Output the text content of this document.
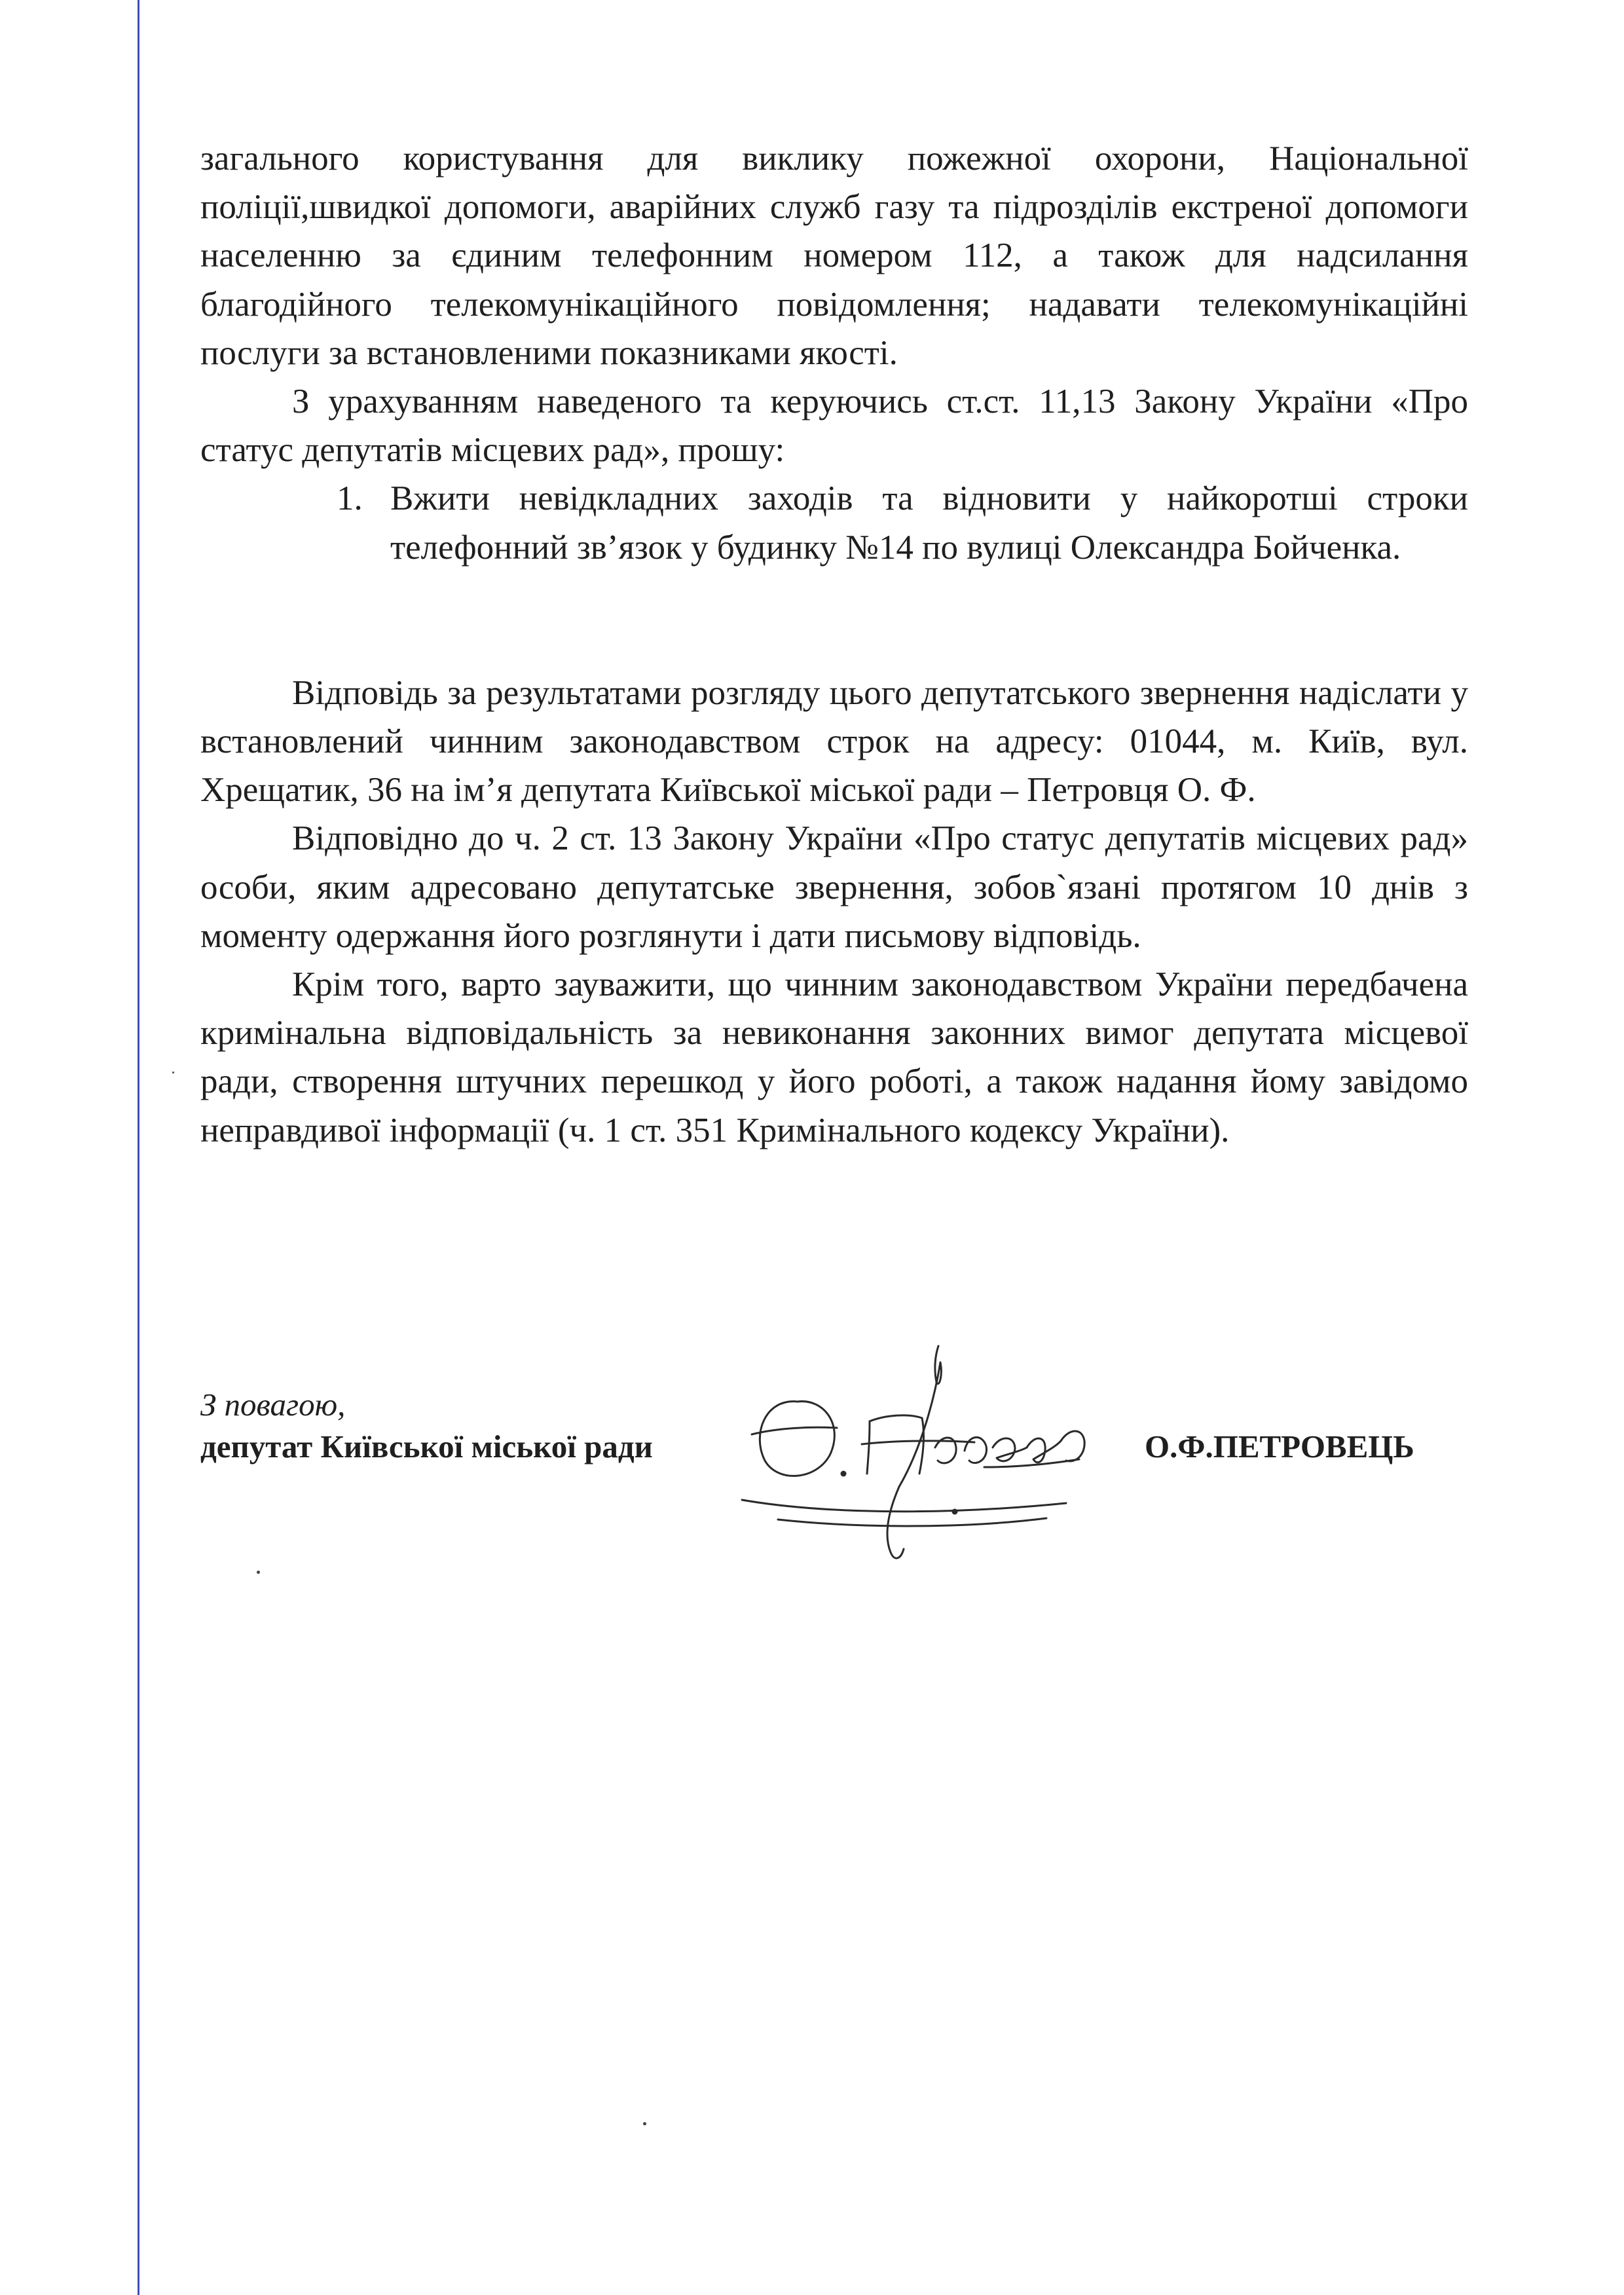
загального користування для виклику пожежної охорони, Національної поліції,швидкої допомоги, аварійних служб газу та підрозділів екстреної допомоги населенню за єдиним телефонним номером 112, а також для надсилання благодійного телекомунікаційного повідомлення; надавати телекомунікаційні послуги за встановленими показниками якості.

З урахуванням наведеного та керуючись ст.ст. 11,13 Закону України «Про статус депутатів місцевих рад», прошу:

1. Вжити невідкладних заходів та відновити у найкоротші строки телефонний зв’язок у будинку №14 по вулиці Олександра Бойченка.

Відповідь за результатами розгляду цього депутатського звернення надіслати у встановлений чинним законодавством строк на адресу: 01044, м. Київ, вул. Хрещатик, 36 на ім’я депутата Київської міської ради – Петровця О. Ф.

Відповідно до ч. 2 ст. 13 Закону України «Про статус депутатів місцевих рад» особи, яким адресовано депутатське звернення, зобов`язані протягом 10 днів з моменту одержання його розглянути і дати письмову відповідь.

Крім того, варто зауважити, що чинним законодавством України передбачена кримінальна відповідальність за невиконання законних вимог депутата місцевої ради, створення штучних перешкод у його роботі, а також надання йому завідомо неправдивої інформації (ч. 1 ст. 351 Кримінального кодексу України).

З повагою,
депутат Київської міської ради	О.Ф.ПЕТРОВЕЦЬ
